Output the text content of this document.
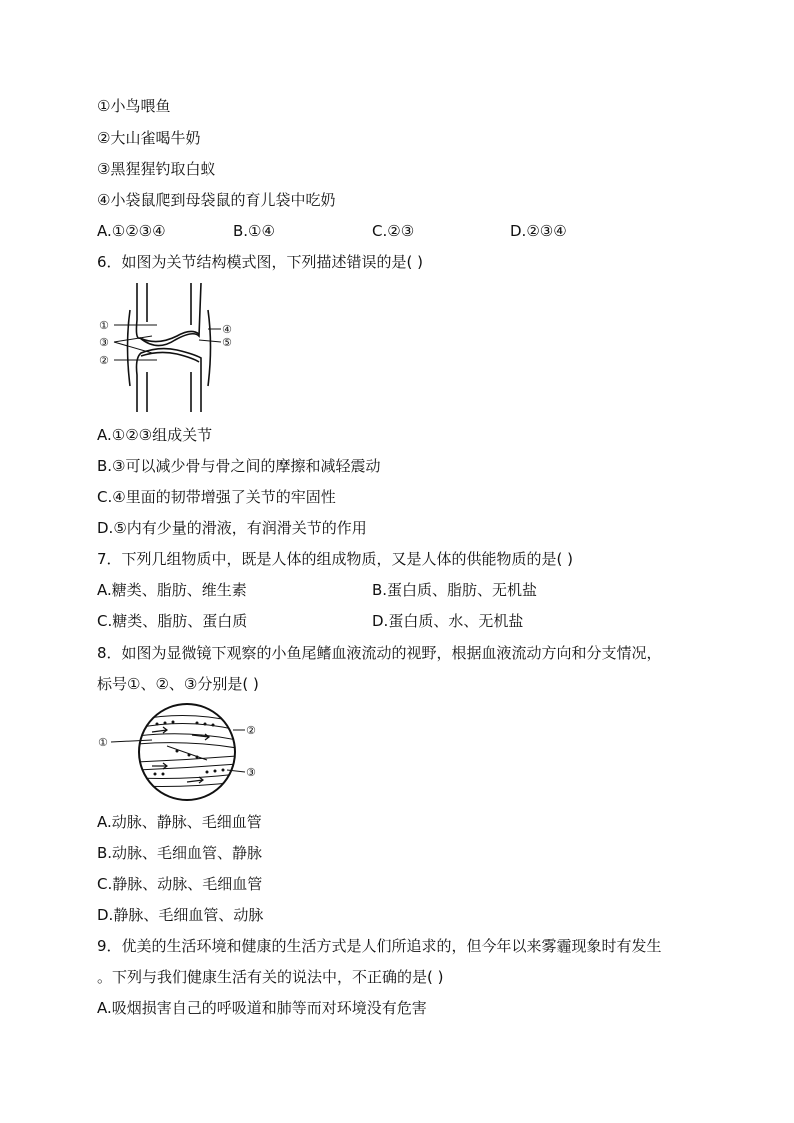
①小鸟喂鱼
②大山雀喝牛奶
③黑猩猩钓取白蚁
④小袋鼠爬到母袋鼠的育儿袋中吃奶
A.①②③④	B.①④	C.②③	D.②③④
6．如图为关节结构模式图，下列描述错误的是( )
①
③
②
④
⑤
A.①②③组成关节
B.③可以减少骨与骨之间的摩擦和减轻震动
C.④里面的韧带增强了关节的牢固性
D.⑤内有少量的滑液，有润滑关节的作用
7．下列几组物质中，既是人体的组成物质，又是人体的供能物质的是( )
A.糖类、脂肪、维生素	B.蛋白质、脂肪、无机盐
C.糖类、脂肪、蛋白质	D.蛋白质、水、无机盐
8．如图为显微镜下观察的小鱼尾鳍血液流动的视野，根据血液流动方向和分支情况，
标号①、②、③分别是( )
①
②
③
A.动脉、静脉、毛细血管
B.动脉、毛细血管、静脉
C.静脉、动脉、毛细血管
D.静脉、毛细血管、动脉
9．优美的生活环境和健康的生活方式是人们所追求的，但今年以来雾霾现象时有发生
。下列与我们健康生活有关的说法中，不正确的是( )
A.吸烟损害自己的呼吸道和肺等而对环境没有危害
